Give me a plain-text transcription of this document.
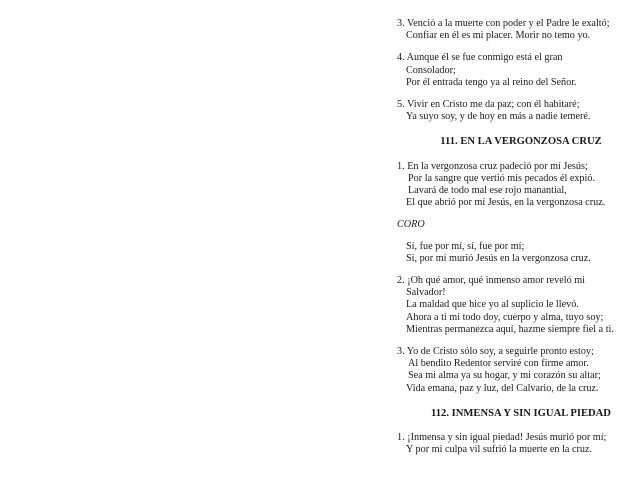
3. Venció a la muerte con poder y el Padre le exaltó;
Confiar en él es mi placer. Morir no temo yo.
4. Aunque él se fue conmigo está el gran
Consolador;
Por él entrada tengo ya al reino del Señor.
5. Vivir en Cristo me da paz; con él habitaré;
Ya suyo soy, y de hoy en más a nadie temeré.
111. EN LA VERGONZOSA CRUZ
1. En la vergonzosa cruz padeció por mí Jesús;
Por la sangre que vertió mis pecados él expió.
Lavará de todo mal ese rojo manantial,
El que abrió por mí Jesús, en la vergonzosa cruz.
CORO
Sí, fue por mí, sí, fue por mí;
Sí, por mí murió Jesús en la vergonzosa cruz.
2. ¡Oh qué amor, qué inmenso amor reveló mi
Salvador!
La maldad que hice yo al suplicio le llevó.
Ahora a ti mi todo doy, cuerpo y alma, tuyo soy;
Mientras permanezca aquí, hazme siempre fiel a ti.
3. Yo de Cristo sólo soy, a seguirle pronto estoy;
Al bendito Redentor serviré con firme amor.
Sea mi alma ya su hogar, y mi corazón su altar;
Vida emana, paz y luz, del Calvario, de la cruz.
112. INMENSA Y SIN IGUAL PIEDAD
1. ¡Inmensa y sin igual piedad! Jesús murió por mí;
Y por mi culpa vil sufrió la muerte en la cruz.
